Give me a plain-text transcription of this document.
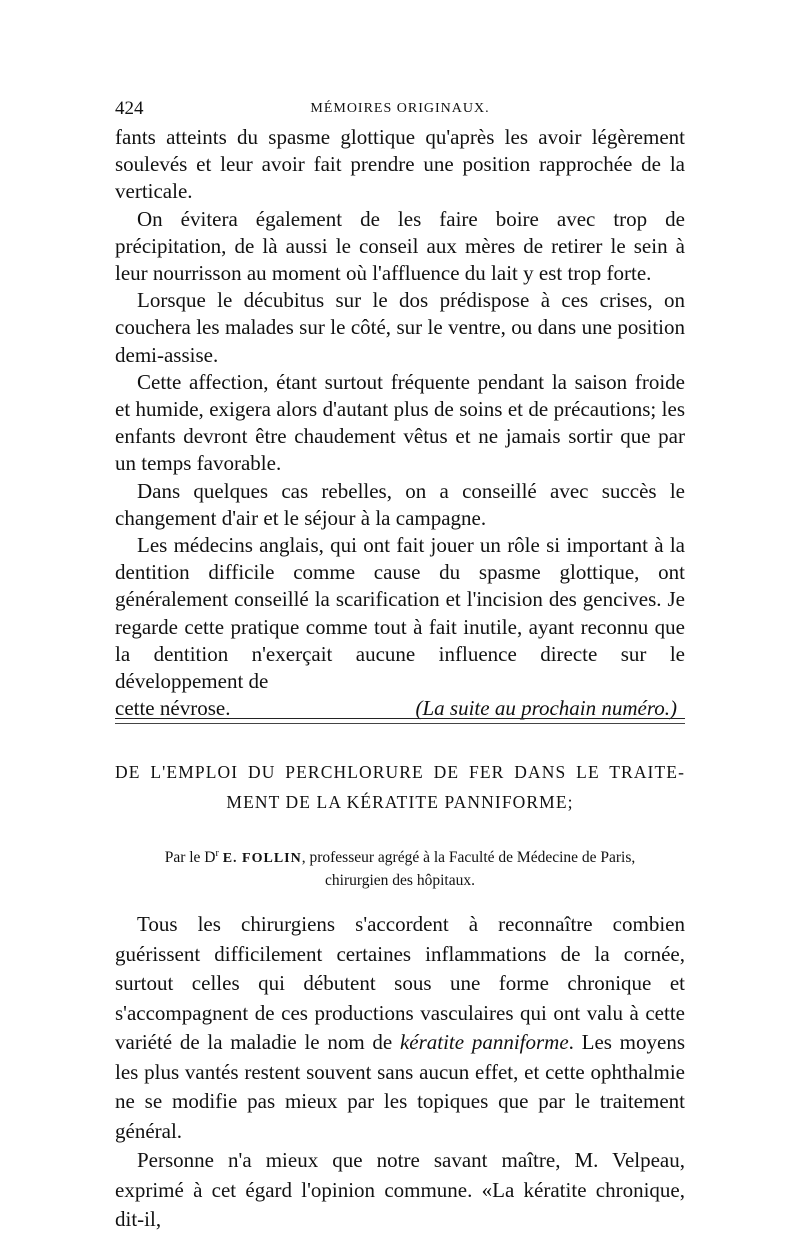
424	MÉMOIRES ORIGINAUX.

fants atteints du spasme glottique qu'après les avoir légèrement soulevés et leur avoir fait prendre une position rapprochée de la verticale.

On évitera également de les faire boire avec trop de précipitation, de là aussi le conseil aux mères de retirer le sein à leur nourrisson au moment où l'affluence du lait y est trop forte.

Lorsque le décubitus sur le dos prédispose à ces crises, on couchera les malades sur le côté, sur le ventre, ou dans une position demi-assise.

Cette affection, étant surtout fréquente pendant la saison froide et humide, exigera alors d'autant plus de soins et de précautions; les enfants devront être chaudement vêtus et ne jamais sortir que par un temps favorable.

Dans quelques cas rebelles, on a conseillé avec succès le changement d'air et le séjour à la campagne.

Les médecins anglais, qui ont fait jouer un rôle si important à la dentition difficile comme cause du spasme glottique, ont généralement conseillé la scarification et l'incision des gencives. Je regarde cette pratique comme tout à fait inutile, ayant reconnu que la dentition n'exerçait aucune influence directe sur le développement de

cette névrose.	(La suite au prochain numéro.)
DE L'EMPLOI DU PERCHLORURE DE FER DANS LE TRAITE-
MENT DE LA KÉRATITE PANNIFORME;
Par le $D^r$ E. FOLLIN, professeur agrégé à la Faculté de Médecine de Paris,
chirurgien des hôpitaux.

Tous les chirurgiens s'accordent à reconnaître combien guérissent difficilement certaines inflammations de la cornée, surtout celles qui débutent sous une forme chronique et s'accompagnent de ces productions vasculaires qui ont valu à cette variété de la maladie le nom de kératite panniforme. Les moyens les plus vantés restent souvent sans aucun effet, et cette ophthalmie ne se modifie pas mieux par les topiques que par le traitement général.

Personne n'a mieux que notre savant maître, M. Velpeau, exprimé à cet égard l'opinion commune. «La kératite chronique, dit-il,
